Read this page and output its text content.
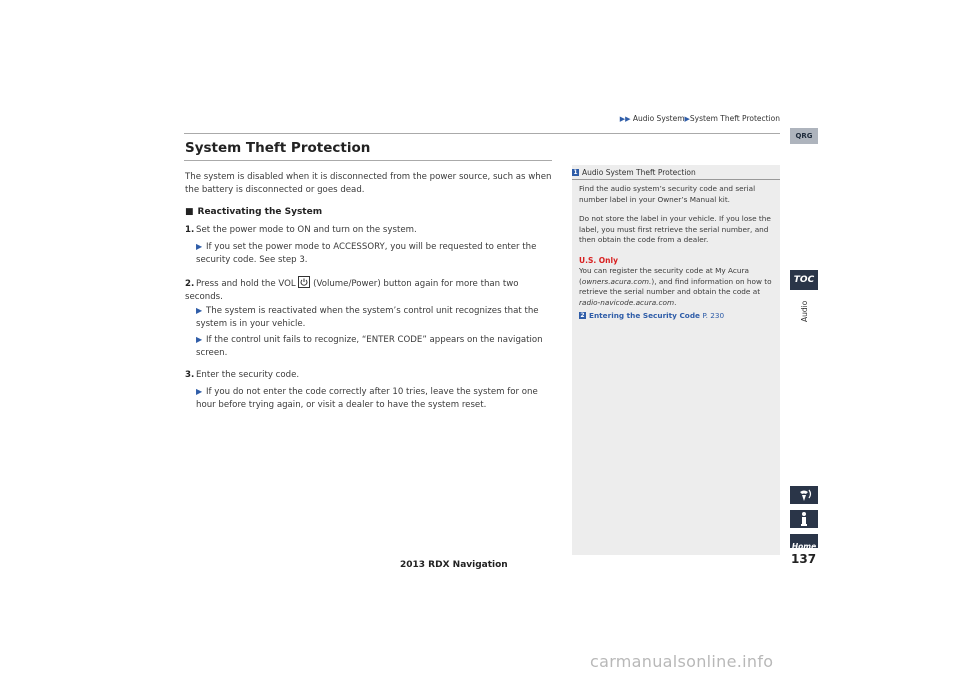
▶▶ Audio System▶System Theft Protection
System Theft Protection
The system is disabled when it is disconnected from the power source, such as when the battery is disconnected or goes dead.
■ Reactivating the System
1. Set the power mode to ON and turn on the system.
▶ If you set the power mode to ACCESSORY, you will be requested to enter the security code. See step 3.
2. Press and hold the VOL (Volume/Power) button again for more than two seconds.
▶ The system is reactivated when the system’s control unit recognizes that the system is in your vehicle.
▶ If the control unit fails to recognize, “ENTER CODE” appears on the navigation screen.
3. Enter the security code.
▶ If you do not enter the code correctly after 10 tries, leave the system for one hour before trying again, or visit a dealer to have the system reset.
1 Audio System Theft Protection
Find the audio system’s security code and serial number label in your Owner’s Manual kit.
Do not store the label in your vehicle. If you lose the label, you must first retrieve the serial number, and then obtain the code from a dealer.
U.S. Only
You can register the security code at My Acura (owners.acura.com.), and find information on how to retrieve the serial number and obtain the code at radio-navicode.acura.com.
2 Entering the Security Code P. 230
QRG
TOC
Audio
Home
137
2013 RDX Navigation
carmanualsonline.info
